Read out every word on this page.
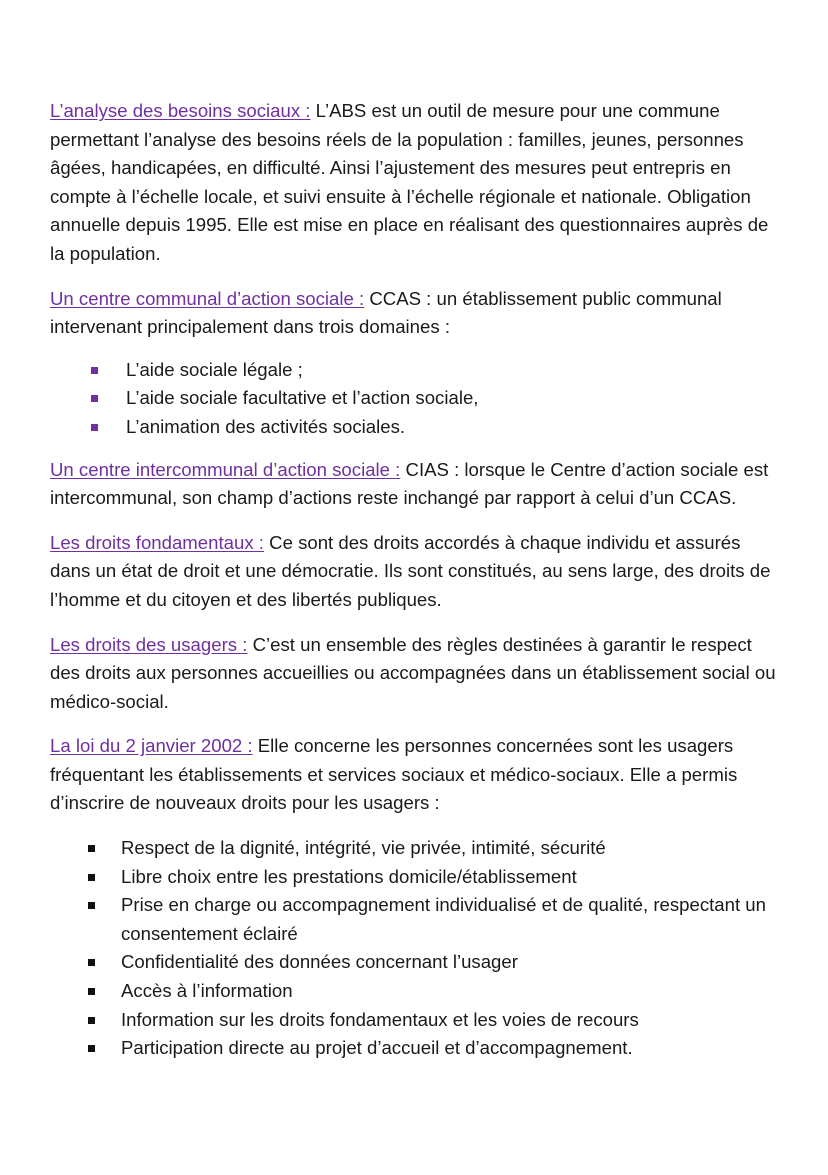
L’analyse des besoins sociaux : L’ABS est un outil de mesure pour une commune permettant l’analyse des besoins réels de la population : familles, jeunes, personnes âgées, handicapées, en difficulté. Ainsi l’ajustement des mesures peut entrepris en compte à l’échelle locale, et suivi ensuite à l’échelle régionale et nationale. Obligation annuelle depuis 1995. Elle est mise en place en réalisant des questionnaires auprès de la population.

Un centre communal d’action sociale : CCAS : un établissement public communal intervenant principalement dans trois domaines :

L’aide sociale légale ;
L’aide sociale facultative et l’action sociale,
L’animation des activités sociales.

Un centre intercommunal d’action sociale : CIAS : lorsque le Centre d’action sociale est intercommunal, son champ d’actions reste inchangé par rapport à celui d’un CCAS.

Les droits fondamentaux : Ce sont des droits accordés à chaque individu et assurés dans un état de droit et une démocratie. Ils sont constitués, au sens large, des droits de l’homme et du citoyen et des libertés publiques.

Les droits des usagers : C’est un ensemble des règles destinées à garantir le respect des droits aux personnes accueillies ou accompagnées dans un établissement social ou médico-social.

La loi du 2 janvier 2002 : Elle concerne les personnes concernées sont les usagers fréquentant les établissements et services sociaux et médico-sociaux. Elle a permis d’inscrire de nouveaux droits pour les usagers :

Respect de la dignité, intégrité, vie privée, intimité, sécurité
Libre choix entre les prestations domicile/établissement
Prise en charge ou accompagnement individualisé et de qualité, respectant un consentement éclairé
Confidentialité des données concernant l’usager
Accès à l’information
Information sur les droits fondamentaux et les voies de recours
Participation directe au projet d’accueil et d’accompagnement.
